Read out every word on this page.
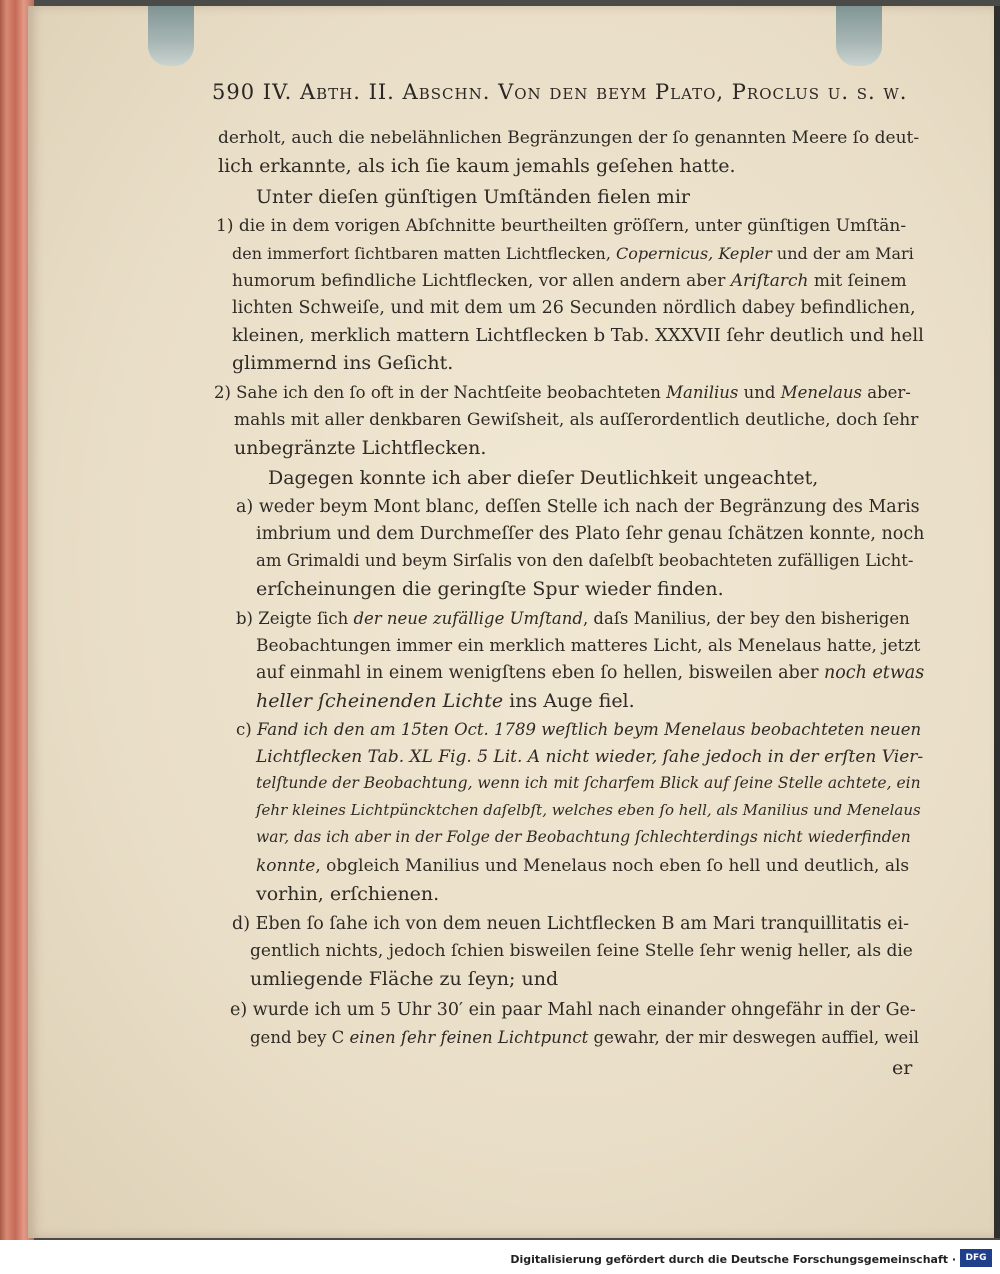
590 IV. Abth. II. Abschn. Von den beym Plato, Proclus u. s. w.
derholt, auch die nebelähnlichen Begränzungen der ſo genannten Meere ſo deut-
lich erkannte, als ich ſie kaum jemahls geſehen hatte.
Unter dieſen günſtigen Umſtänden fielen mir
1) die in dem vorigen Abſchnitte beurtheilten gröſſern, unter günſtigen Umſtän-
den immerfort ſichtbaren matten Lichtflecken, Copernicus, Kepler und der am Mari
humorum befindliche Lichtflecken, vor allen andern aber Ariſtarch mit ſeinem
lichten Schweiſe, und mit dem um 26 Secunden nördlich dabey befindlichen,
kleinen, merklich mattern Lichtflecken b Tab. XXXVII ſehr deutlich und hell
glimmernd ins Geſicht.
2) Sahe ich den ſo oft in der Nachtſeite beobachteten Manilius und Menelaus aber-
mahls mit aller denkbaren Gewiſsheit, als auſſerordentlich deutliche, doch ſehr
unbegränzte Lichtflecken.
Dagegen konnte ich aber dieſer Deutlichkeit ungeachtet,
a) weder beym Mont blanc, deſſen Stelle ich nach der Begränzung des Maris
imbrium und dem Durchmeſſer des Plato ſehr genau ſchätzen konnte, noch
am Grimaldi und beym Sirſalis von den daſelbſt beobachteten zufälligen Licht-
erſcheinungen die geringſte Spur wieder finden.
b) Zeigte ſich der neue zufällige Umſtand, daſs Manilius, der bey den bisherigen
Beobachtungen immer ein merklich matteres Licht, als Menelaus hatte, jetzt
auf einmahl in einem wenigſtens eben ſo hellen, bisweilen aber noch etwas
heller ſcheinenden Lichte ins Auge fiel.
c) Fand ich den am 15ten Oct. 1789 weſtlich beym Menelaus beobachteten neuen
Lichtflecken Tab. XL Fig. 5 Lit. A nicht wieder, ſahe jedoch in der erſten Vier-
telſtunde der Beobachtung, wenn ich mit ſcharfem Blick auf ſeine Stelle achtete, ein
ſehr kleines Lichtpüncktchen daſelbſt, welches eben ſo hell, als Manilius und Menelaus
war, das ich aber in der Folge der Beobachtung ſchlechterdings nicht wiederfinden
konnte, obgleich Manilius und Menelaus noch eben ſo hell und deutlich, als
vorhin, erſchienen.
d) Eben ſo ſahe ich von dem neuen Lichtflecken B am Mari tranquillitatis ei-
gentlich nichts, jedoch ſchien bisweilen ſeine Stelle ſehr wenig heller, als die
umliegende Fläche zu ſeyn; und
e) wurde ich um 5 Uhr 30′ ein paar Mahl nach einander ohngefähr in der Ge-
gend bey C einen ſehr feinen Lichtpunct gewahr, der mir deswegen auffiel, weil
er
Digitalisierung gefördert durch die Deutsche Forschungsgemeinschaft ·	DFG
